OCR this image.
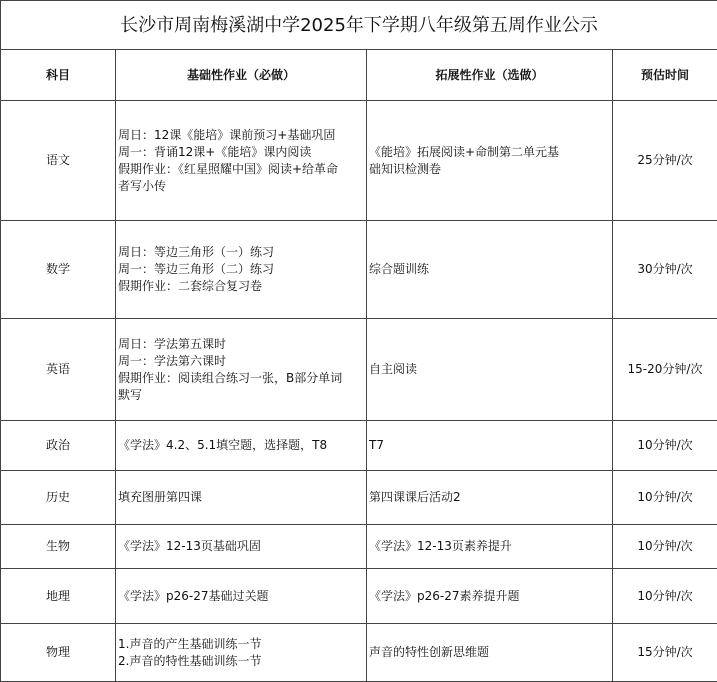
长沙市周南梅溪湖中学2025年下学期八年级第五周作业公示			
科目	基础性作业（必做）	拓展性作业（选做）	预估时间
语文	周日：12课《能培》课前预习+基础巩固
周一：背诵12课+《能培》课内阅读
假期作业：《红星照耀中国》阅读+给革命
者写小传	《能培》拓展阅读+命制第二单元基
础知识检测卷	25分钟/次
数学	周日：等边三角形（一）练习
周一：等边三角形（二）练习
假期作业：二套综合复习卷	综合题训练	30分钟/次
英语	周日：学法第五课时
周一：学法第六课时
假期作业：阅读组合练习一张，B部分单词
默写	自主阅读	15-20分钟/次
政治	《学法》4.2、5.1填空题，选择题，T8	T7	10分钟/次
历史	填充图册第四课	第四课课后活动2	10分钟/次
生物	《学法》12-13页基础巩固	《学法》12-13页素养提升	10分钟/次
地理	《学法》p26-27基础过关题	《学法》p26-27素养提升题	10分钟/次
物理	1.声音的产生基础训练一节
2.声音的特性基础训练一节	声音的特性创新思维题	15分钟/次
